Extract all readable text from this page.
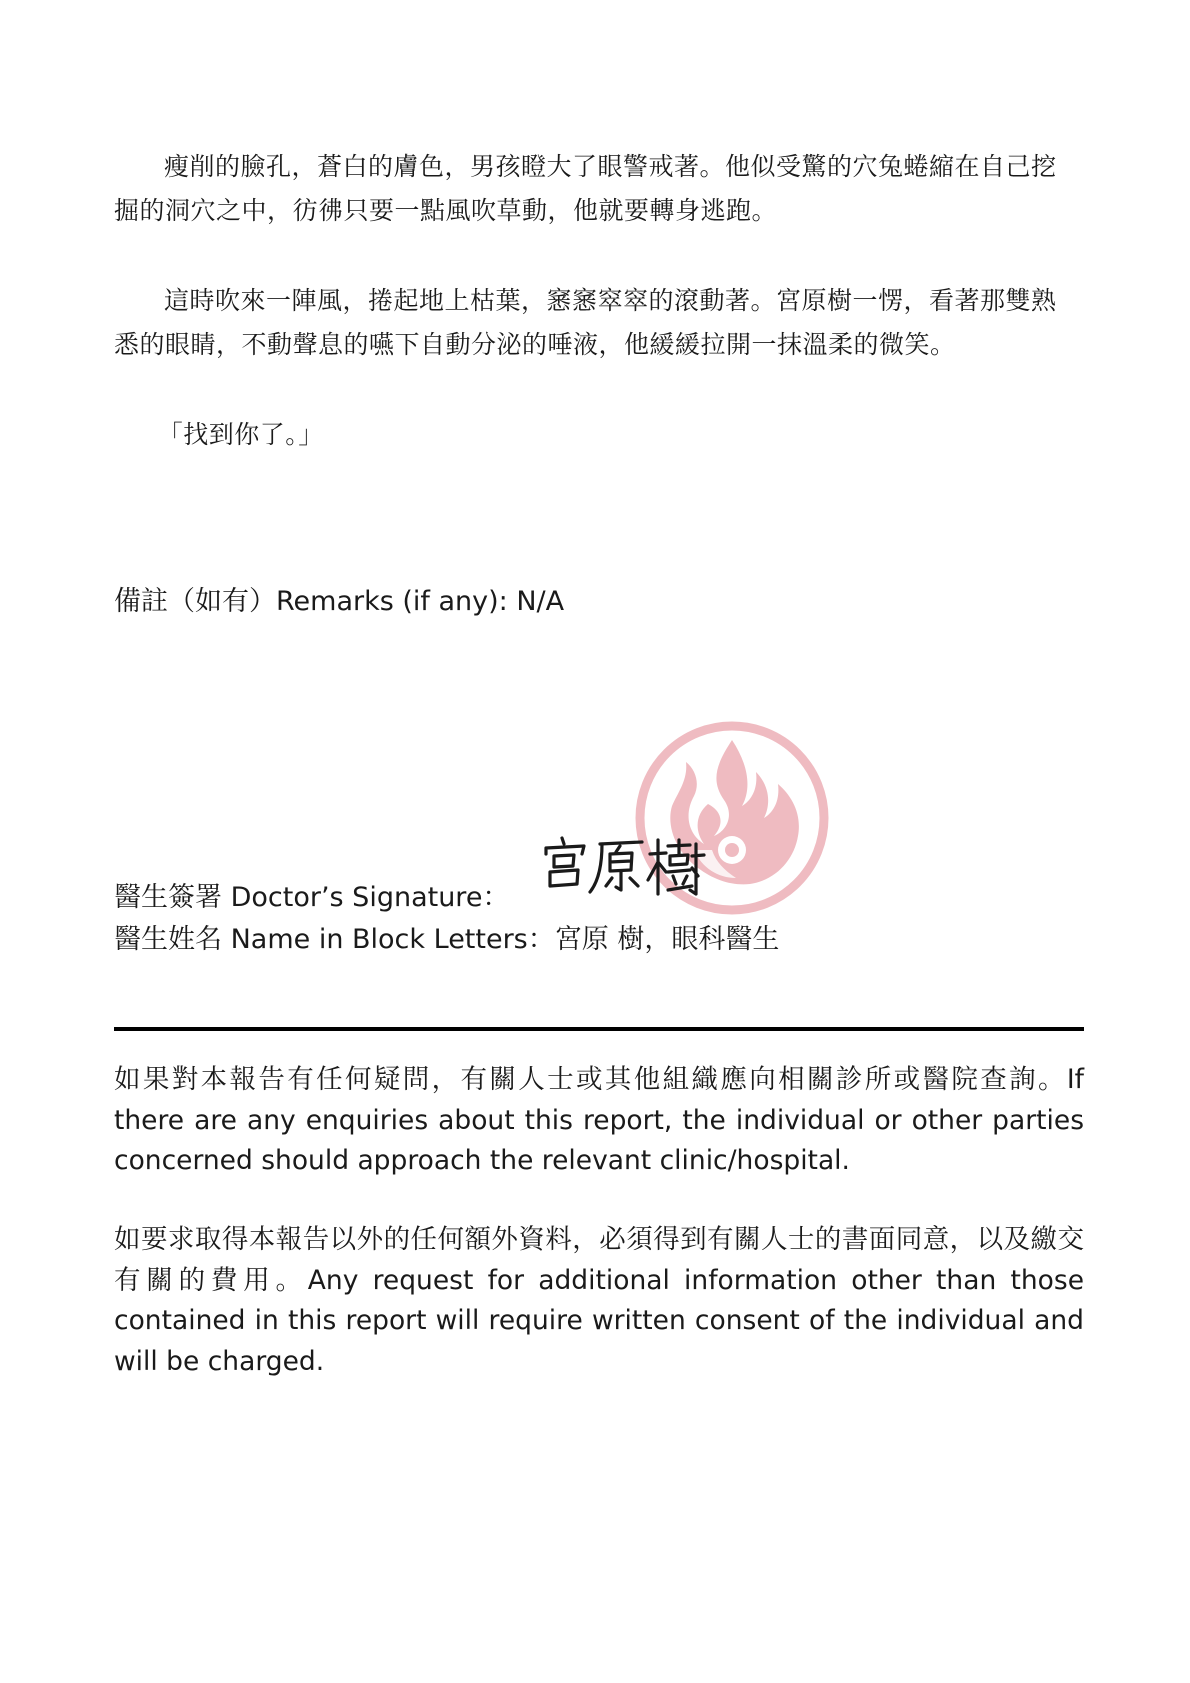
瘦削的臉孔，蒼白的膚色，男孩瞪大了眼警戒著。他似受驚的穴兔蜷縮在自己挖掘的洞穴之中，彷彿只要一點風吹草動，他就要轉身逃跑。

這時吹來一陣風，捲起地上枯葉，窸窸窣窣的滾動著。宮原樹一愣，看著那雙熟悉的眼睛，不動聲息的嚥下自動分泌的唾液，他緩緩拉開一抹溫柔的微笑。

「找到你了。」

備註（如有）Remarks (if any): N/A
醫生簽署 Doctor’s Signature：
醫生姓名 Name in Block Letters：宮原 樹，眼科醫生
如果對本報告有任何疑問，有關人士或其他組織應向相關診所或醫院查詢。If there are any enquiries about this report, the individual or other parties concerned should approach the relevant clinic/hospital.
如要求取得本報告以外的任何額外資料，必須得到有關人士的書面同意，以及繳交有關的費用。Any request for additional information other than those contained in this report will require written consent of the individual and will be charged.
